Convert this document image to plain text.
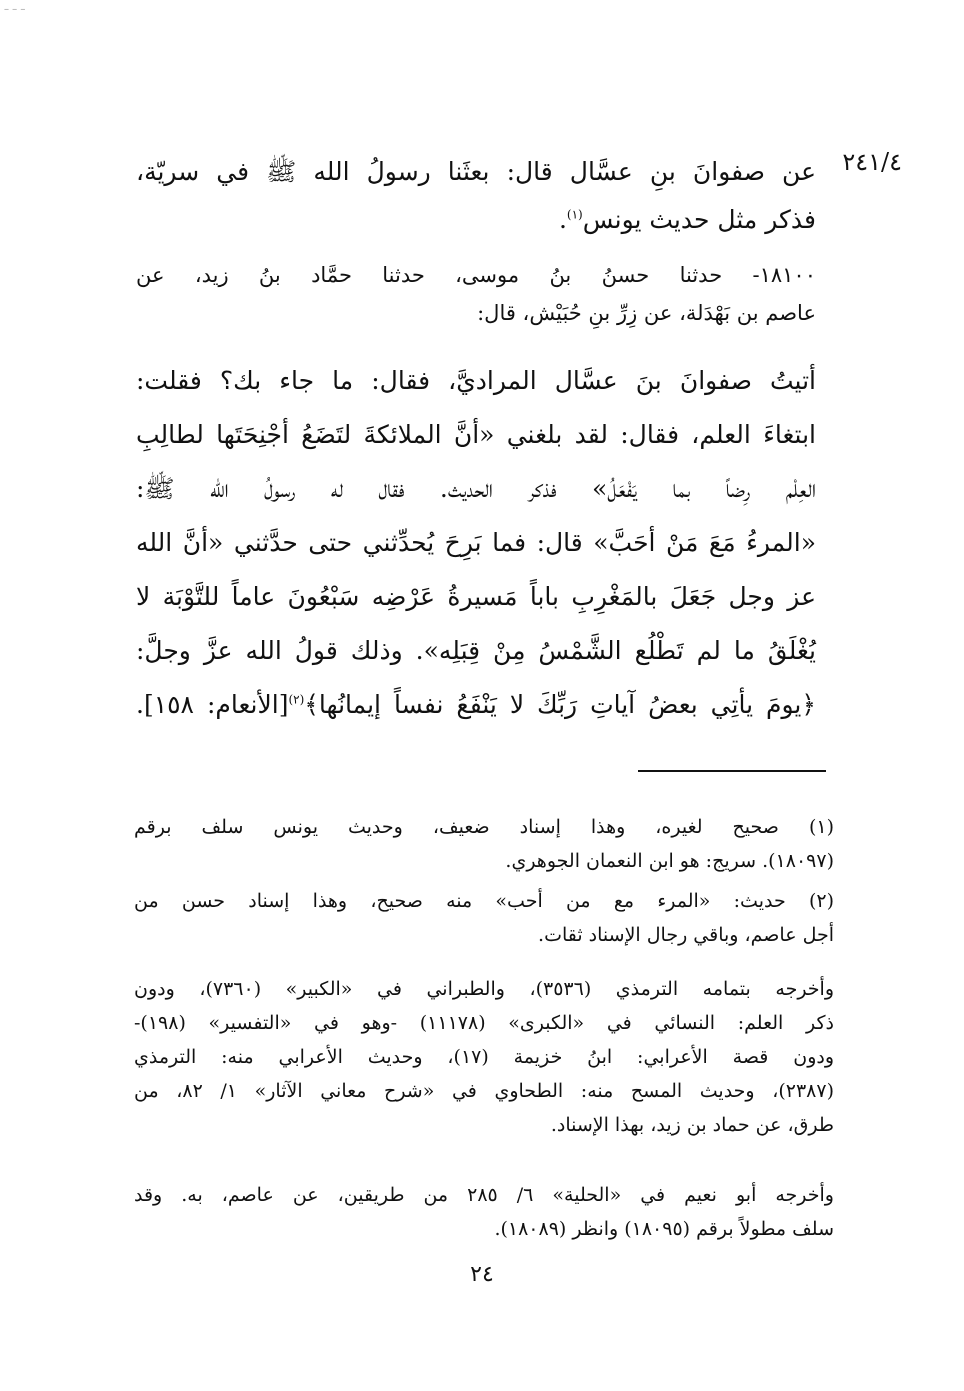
– – –
٢٤١/٤
عن صفوانَ بنِ عسَّال قال: بعثَنا رسولُ الله ﷺ في سريّة،
فذكر مثل حديث يونس$^{(١)}$.
١٨١٠٠- حدثنا حسنُ بنُ موسى، حدثنا حمَّاد بنُ زيد، عن
عاصم بن بَهْدَلة، عن زِرِّ بنِ حُبَيْش، قال:
أتيتُ صفوانَ بنَ عسَّال المراديَّ، فقال: ما جاء بك؟ فقلت:
ابتغاءَ العلم، فقال: لقد بلغني «أنَّ الملائكةَ لتَضَعُ أجْنِحَتَها لطالِبِ
العِلْم رِضاً بما يَفْعَلُ» فذكر الحديث. فقال له رسولُ الله ﷺ:
«المرءُ مَعَ مَنْ أحَبَّ» قال: فما بَرِحَ يُحدِّثني حتى حدَّثني «أنَّ الله
عز وجل جَعَلَ بالمَغْرِبِ باباً مَسيرةُ عَرْضِه سَبْعُونَ عاماً للتَّوْبَة لا
يُغْلَقُ ما لم تَطْلُع الشَّمْسُ مِنْ قِبَلِه». وذلك قولُ الله عزَّ وجلَّ:
﴿يومَ يأتِي بعضُ آياتِ رَبِّكَ لا يَنْفَعُ نفساً إيمانُها﴾$^{(٢)}$[الأنعام: ١٥٨].
(١) صحيح لغيره، وهذا إسناد ضعيف، وحديث يونس سلف برقم
(١٨٠٩٧). سريج: هو ابن النعمان الجوهري.
(٢) حديث: «المرء مع من أحب» منه صحيح، وهذا إسناد حسن من
أجل عاصم، وباقي رجال الإسناد ثقات.
وأخرجه بتمامه الترمذي (٣٥٣٦)، والطبراني في «الكبير» (٧٣٦٠)، ودون
ذكر العلم: النسائي في «الكبرى» (١١١٧٨) -وهو في «التفسير» (١٩٨)-
ودون قصة الأعرابي: ابنُ خزيمة (١٧)، وحديث الأعرابي منه: الترمذي
(٢٣٨٧)، وحديث المسح منه: الطحاوي في «شرح معاني الآثار» ١/ ٨٢، من
طرق، عن حماد بن زيد، بهذا الإسناد.
وأخرجه أبو نعيم في «الحلية» ٦/ ٢٨٥ من طريقين، عن عاصم، به. وقد
سلف مطولاً برقم (١٨٠٩٥) وانظر (١٨٠٨٩).
٢٤
